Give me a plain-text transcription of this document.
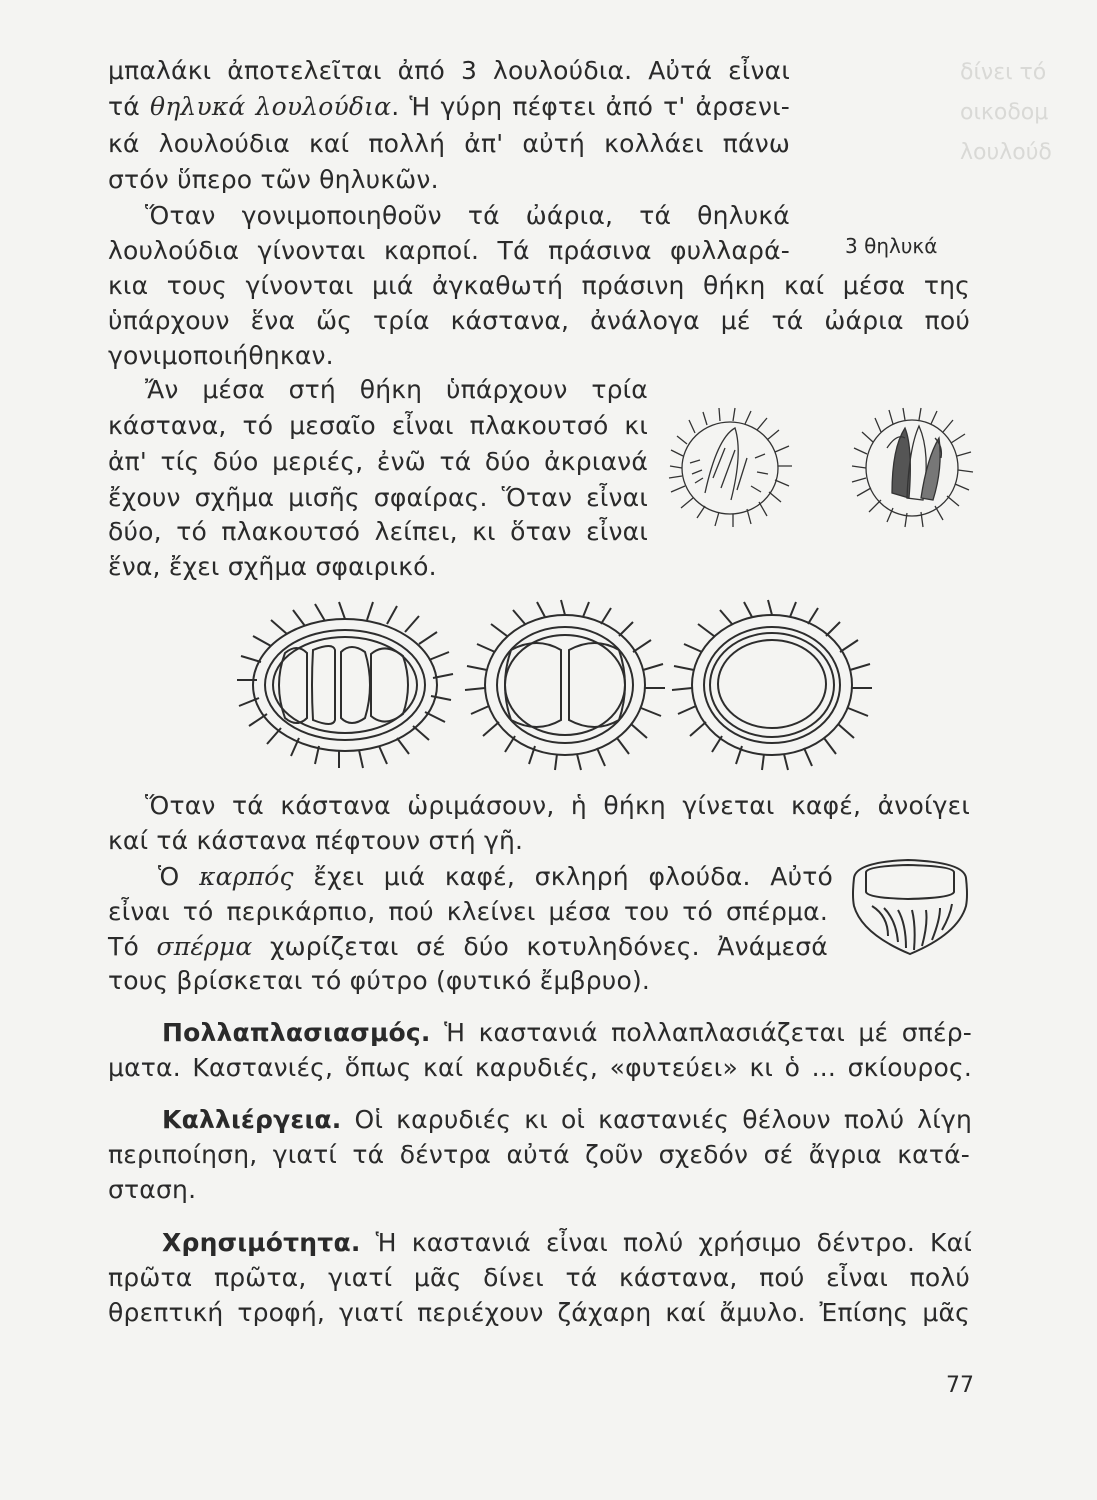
δίνει τό
οικοδομ
λουλούδ
μπαλάκι ἀποτελεῖται ἀπό 3 λουλούδια. Αὐτά εἶναι
τά θηλυκά λουλούδια. Ἡ γύρη πέφτει ἀπό τ' ἀρσενι-
κά λουλούδια καί πολλή ἀπ' αὐτή κολλάει πάνω
στόν ὕπερο τῶν θηλυκῶν.
Ὅταν γονιμοποιηθοῦν τά ὠάρια, τά θηλυκά
λουλούδια γίνονται καρποί. Τά πράσινα φυλλαρά-	3 θηλυκά
κια τους γίνονται μιά ἀγκαθωτή πράσινη θήκη καί μέσα της
ὑπάρχουν ἕνα ὥς τρία κάστανα, ἀνάλογα μέ τά ὠάρια πού
γονιμοποιήθηκαν.
Ἄν μέσα στή θήκη ὑπάρχουν τρία
κάστανα, τό μεσαῖο εἶναι πλακουτσό κι
ἀπ' τίς δύο μεριές, ἐνῶ τά δύο ἀκριανά
ἔχουν σχῆμα μισῆς σφαίρας. Ὅταν εἶναι
δύο, τό πλακουτσό λείπει, κι ὅταν εἶναι
ἕνα, ἔχει σχῆμα σφαιρικό.
Ὅταν τά κάστανα ὡριμάσουν, ἡ θήκη γίνεται καφέ, ἀνοίγει
καί τά κάστανα πέφτουν στή γῆ.
Ὁ καρπός ἔχει μιά καφέ, σκληρή φλούδα. Αὐτό
εἶναι τό περικάρπιο, πού κλείνει μέσα του τό σπέρμα.
Τό σπέρμα χωρίζεται σέ δύο κοτυληδόνες. Ἀνάμεσά
τους βρίσκεται τό φύτρο (φυτικό ἔμβρυο).
Πολλαπλασιασμός. Ἡ καστανιά πολλαπλασιάζεται μέ σπέρ-
ματα. Καστανιές, ὅπως καί καρυδιές, «φυτεύει» κι ὁ ... σκίουρος.
Καλλιέργεια. Οἱ καρυδιές κι οἱ καστανιές θέλουν πολύ λίγη
περιποίηση, γιατί τά δέντρα αὐτά ζοῦν σχεδόν σέ ἄγρια κατά-
σταση.
Χρησιμότητα. Ἡ καστανιά εἶναι πολύ χρήσιμο δέντρο. Καί
πρῶτα πρῶτα, γιατί μᾶς δίνει τά κάστανα, πού εἶναι πολύ
θρεπτική τροφή, γιατί περιέχουν ζάχαρη καί ἄμυλο. Ἐπίσης μᾶς
77
